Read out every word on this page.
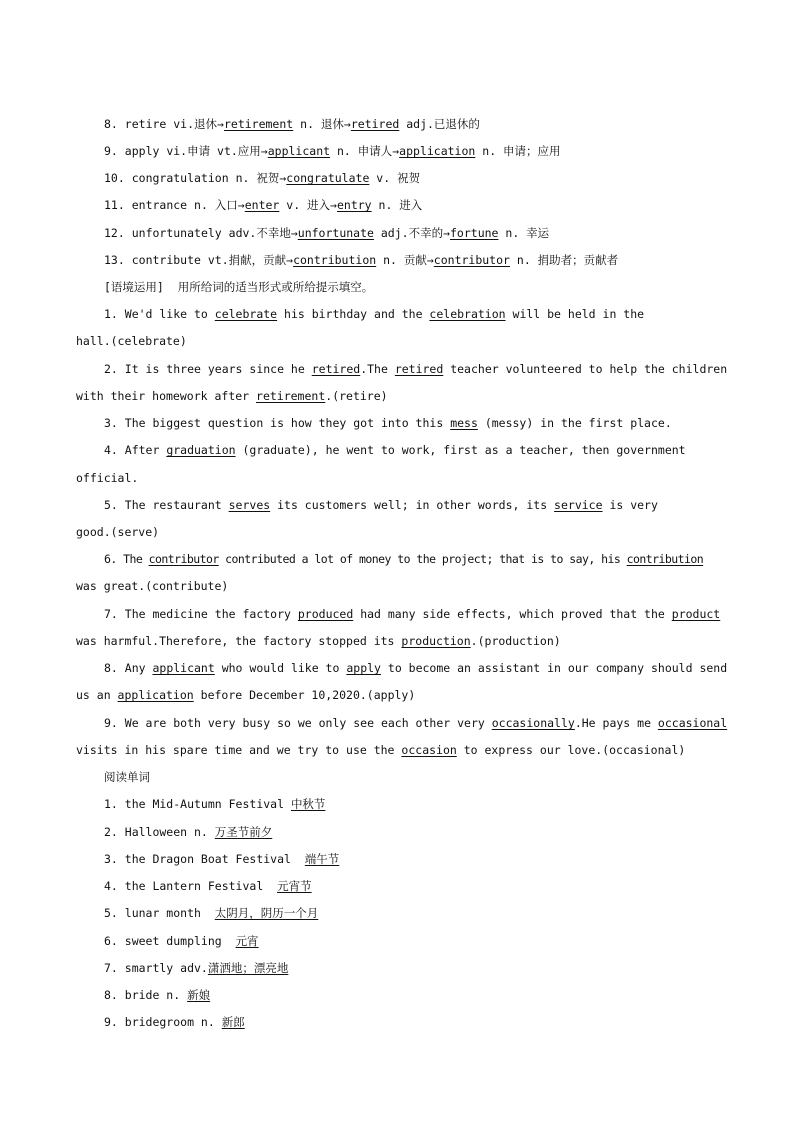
8. retire vi.退休→retirement n. 退休→retired adj.已退休的
9. apply vi.申请 vt.应用→applicant n. 申请人→application n. 申请；应用
10. congratulation n. 祝贺→congratulate v. 祝贺
11. entrance n. 入口→enter v. 进入→entry n. 进入
12. unfortunately adv.不幸地→unfortunate adj.不幸的→fortune n. 幸运
13. contribute vt.捐献，贡献→contribution n. 贡献→contributor n. 捐助者；贡献者
[语境运用]  用所给词的适当形式或所给提示填空。
1. We'd like to celebrate his birthday and the celebration will be held in the
hall.(celebrate)
2. It is three years since he retired.The retired teacher volunteered to help the children
with their homework after retirement.(retire)
3. The biggest question is how they got into this mess (messy) in the first place.
4. After graduation (graduate), he went to work, first as a teacher, then government
official.
5. The restaurant serves its customers well; in other words, its service is very
good.(serve)
6. The contributor contributed a lot of money to the project; that is to say, his contribution
was great.(contribute)
7. The medicine the factory produced had many side effects, which proved that the product
was harmful.Therefore, the factory stopped its production.(production)
8. Any applicant who would like to apply to become an assistant in our company should send
us an application before December 10,2020.(apply)
9. We are both very busy so we only see each other very occasionally.He pays me occasional
visits in his spare time and we try to use the occasion to express our love.(occasional)
阅读单词
1. the Mid-Autumn Festival 中秋节
2. Halloween n. 万圣节前夕
3. the Dragon Boat Festival  端午节
4. the Lantern Festival  元宵节
5. lunar month  太阴月，阴历一个月
6. sweet dumpling  元宵
7. smartly adv.潇洒地；漂亮地
8. bride n. 新娘
9. bridegroom n. 新郎
